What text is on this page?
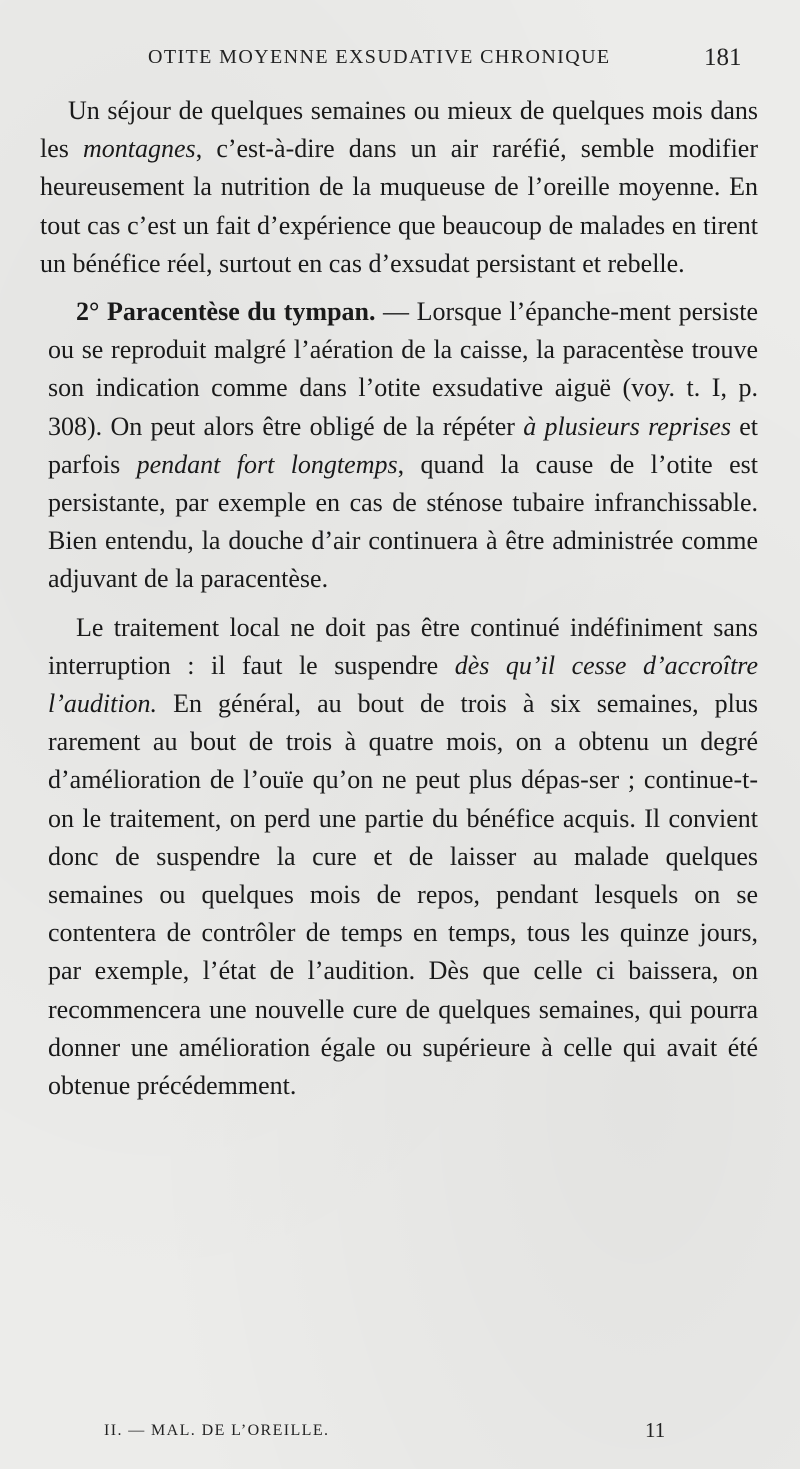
OTITE MOYENNE EXSUDATIVE CHRONIQUE	181

Un séjour de quelques semaines ou mieux de quelques mois dans les montagnes, c’est-à-dire dans un air raréfié, semble modifier heureusement la nutrition de la muqueuse de l’oreille moyenne. En tout cas c’est un fait d’expérience que beaucoup de malades en tirent un bénéfice réel, surtout en cas d’exsudat persistant et rebelle.

2° Paracentèse du tympan. — Lorsque l’épanche-ment persiste ou se reproduit malgré l’aération de la caisse, la paracentèse trouve son indication comme dans l’otite exsudative aiguë (voy. t. I, p. 308). On peut alors être obligé de la répéter à plusieurs reprises et parfois pendant fort longtemps, quand la cause de l’otite est persistante, par exemple en cas de sténose tubaire infranchissable. Bien entendu, la douche d’air continuera à être administrée comme adjuvant de la paracentèse.

Le traitement local ne doit pas être continué indéfiniment sans interruption : il faut le suspendre dès qu’il cesse d’accroître l’audition. En général, au bout de trois à six semaines, plus rarement au bout de trois à quatre mois, on a obtenu un degré d’amélioration de l’ouïe qu’on ne peut plus dépas-ser ; continue-t-on le traitement, on perd une partie du bénéfice acquis. Il convient donc de suspendre la cure et de laisser au malade quelques semaines ou quelques mois de repos, pendant lesquels on se contentera de contrôler de temps en temps, tous les quinze jours, par exemple, l’état de l’audition. Dès que celle ci baissera, on recommencera une nouvelle cure de quelques semaines, qui pourra donner une amélioration égale ou supérieure à celle qui avait été obtenue précédemment.

II. — MAL. DE L’OREILLE.	11
